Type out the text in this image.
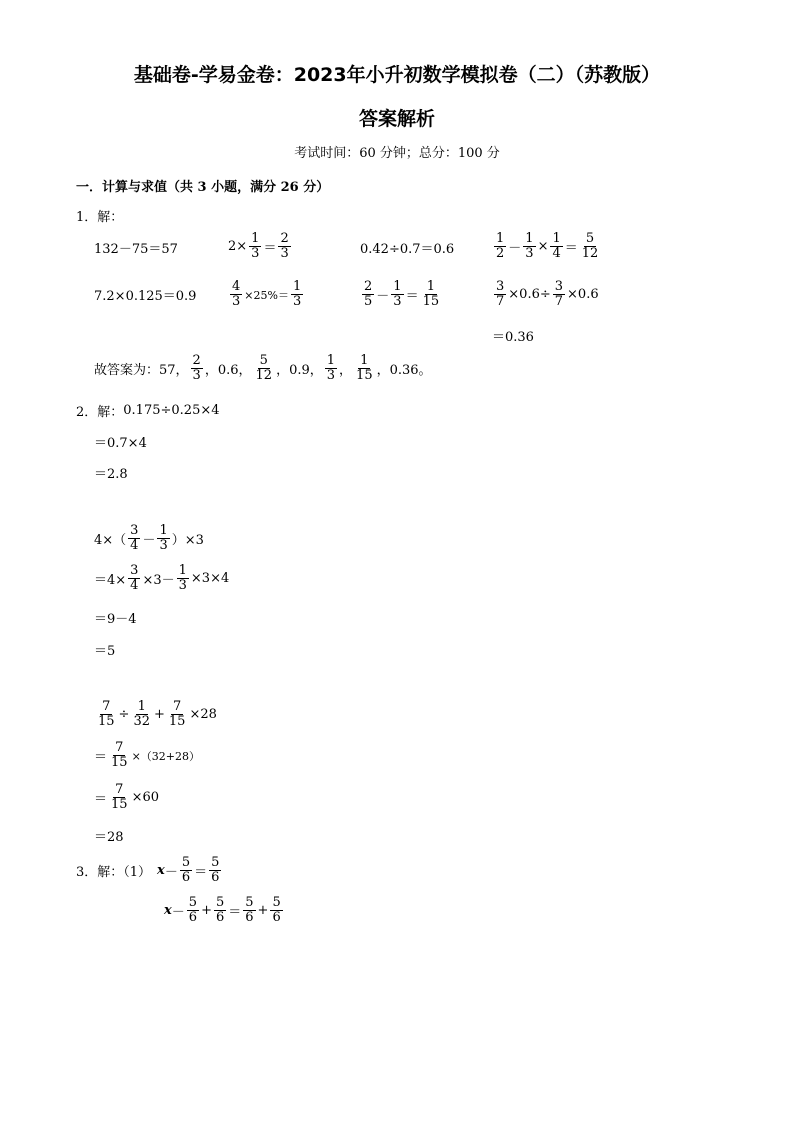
基础卷-学易金卷：2023年小升初数学模拟卷（二）（苏教版）
答案解析
考试时间：60 分钟；总分：100 分
一．计算与求值（共 3 小题，满分 26 分）
1．解：
132－75＝57	$2\times \frac{1}{3} = \frac{2}{3}$	0.42÷0.7＝0.6	$\frac{1}{2} - \frac{1}{3} \times \frac{1}{4} = \frac{5}{12}$
7.2×0.125＝0.9	$\frac{4}{3} \times 25\%= \frac{1}{3}$	$\frac{2}{5} - \frac{1}{3} = \frac{1}{15}$	$\frac{3}{7} \times 0.6\div \frac{3}{7} \times 0.6$
＝0.36
故答案为：57， $\frac{2}{3}$ ，0.6， $\frac{5}{12}$ ，0.9， $\frac{1}{3}$ ， $\frac{1}{15}$ ，0.36。
2．解： 0.175÷0.25×4
＝0.7×4
＝2.8
$4\times( \frac{3}{4} - \frac{1}{3} )\times 3$
$=4\times \frac{3}{4} \times 3- \frac{1}{3} \times 3\times 4$
＝9－4
＝5
$\frac{7}{15} \div \frac{1}{32} + \frac{7}{15} \times 28$
＝ $\frac{7}{15} \times(32+28)$
＝ $\frac{7}{15} \times 60$
＝28
3．解：（1） $x - \frac{5}{6} = \frac{5}{6}$
$x - \frac{5}{6} + \frac{5}{6} = \frac{5}{6} + \frac{5}{6}$
